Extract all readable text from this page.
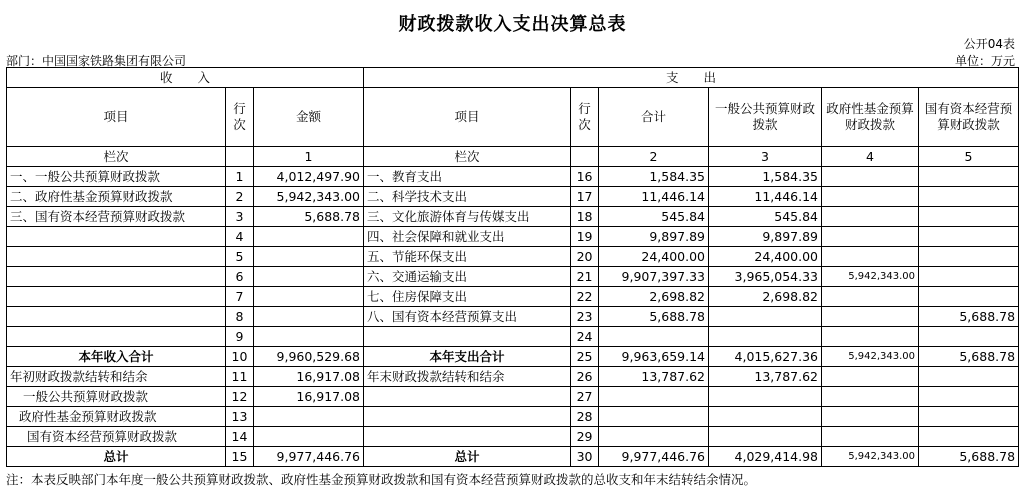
财政拨款收入支出决算总表
公开04表
部门：中国国家铁路集团有限公司	单位：万元
收　　入			支　　出					
项目	行次	金额	项目	行次	合计	一般公共预算财政拨款	政府性基金预算财政拨款	国有资本经营预算财政拨款
栏次		1	栏次		2	3	4	5
一、一般公共预算财政拨款	1	4,012,497.90	一、教育支出	16	1,584.35	1,584.35		
二、政府性基金预算财政拨款	2	5,942,343.00	二、科学技术支出	17	11,446.14	11,446.14		
三、国有资本经营预算财政拨款	3	5,688.78	三、文化旅游体育与传媒支出	18	545.84	545.84		
	4		四、社会保障和就业支出	19	9,897.89	9,897.89		
	5		五、节能环保支出	20	24,400.00	24,400.00		
	6		六、交通运输支出	21	9,907,397.33	3,965,054.33	5,942,343.00	
	7		七、住房保障支出	22	2,698.82	2,698.82		
	8		八、国有资本经营预算支出	23	5,688.78			5,688.78
	9			24				
本年收入合计	10	9,960,529.68	本年支出合计	25	9,963,659.14	4,015,627.36	5,942,343.00	5,688.78
年初财政拨款结转和结余	11	16,917.08	年末财政拨款结转和结余	26	13,787.62	13,787.62		
一般公共预算财政拨款	12	16,917.08		27				
政府性基金预算财政拨款	13			28				
国有资本经营预算财政拨款	14			29				
总计	15	9,977,446.76	总计	30	9,977,446.76	4,029,414.98	5,942,343.00	5,688.78
注：本表反映部门本年度一般公共预算财政拨款、政府性基金预算财政拨款和国有资本经营预算财政拨款的总收支和年末结转结余情况。
